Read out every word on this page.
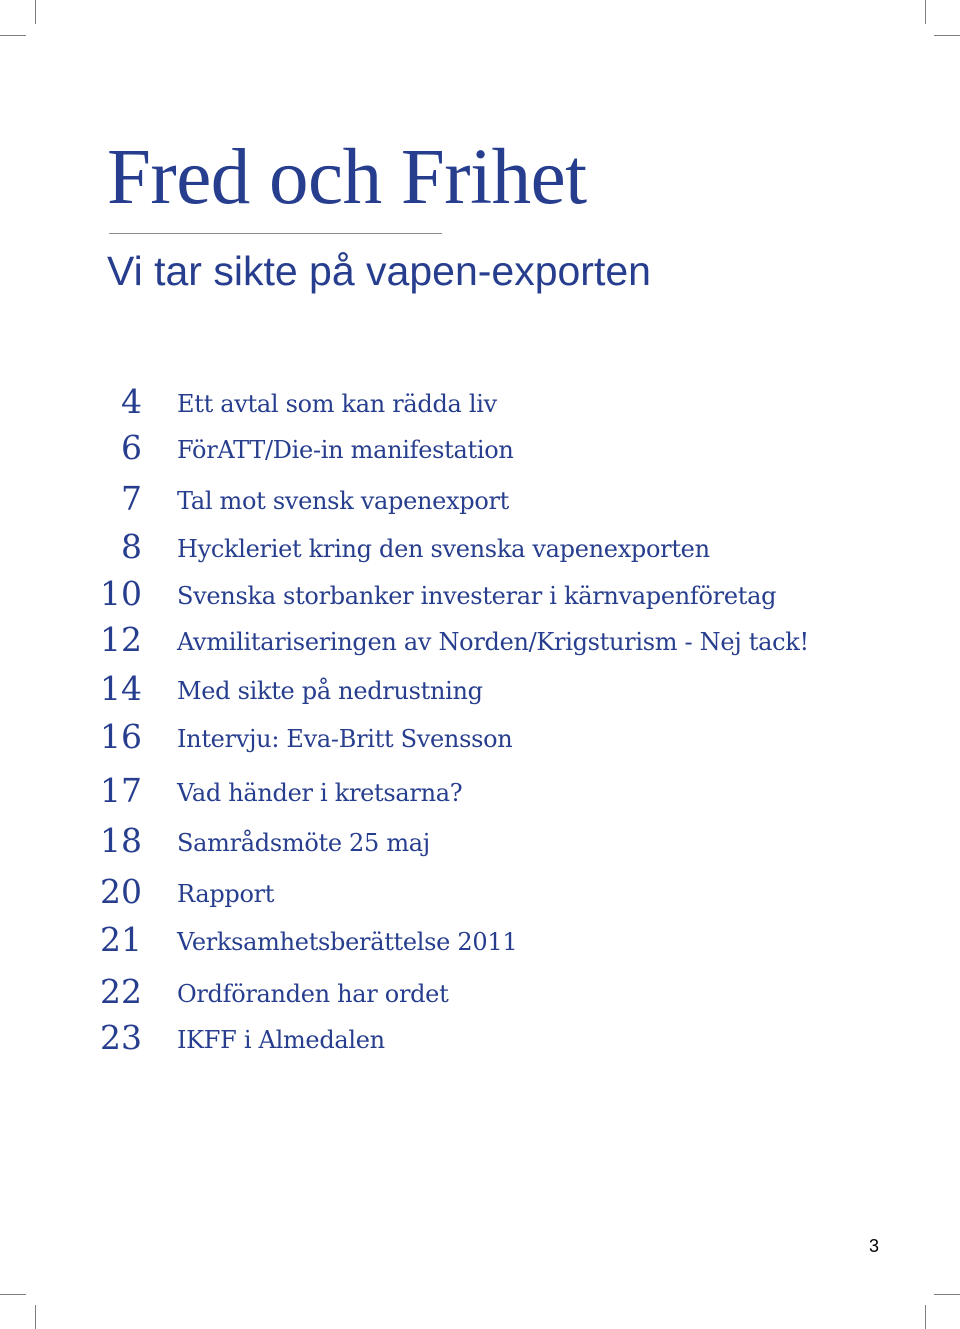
Fred och Frihet
Vi tar sikte på vapen-exporten
4 Ett avtal som kan rädda liv
6 FörATT/Die-in manifestation
7 Tal mot svensk vapenexport
8 Hyckleriet kring den svenska vapenexporten
10 Svenska storbanker investerar i kärnvapenföretag
12 Avmilitariseringen av Norden/Krigsturism - Nej tack!
14 Med sikte på nedrustning
16 Intervju: Eva-Britt Svensson
17 Vad händer i kretsarna?
18 Samrådsmöte 25 maj
20 Rapport
21 Verksamhetsberättelse 2011
22 Ordföranden har ordet
23 IKFF i Almedalen
3
